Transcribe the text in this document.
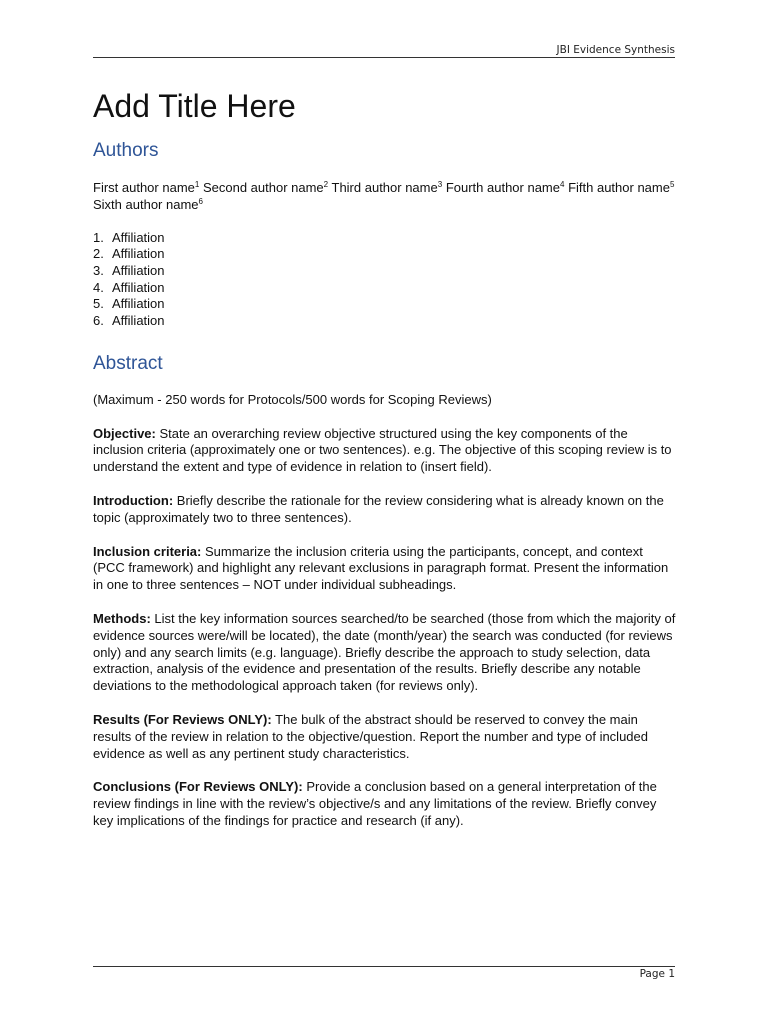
JBI Evidence Synthesis
Add Title Here
Authors

First author name$^1$ Second author name$^2$ Third author name$^3$ Fourth author name$^4$ Fifth author name$^5$ Sixth author name$^6$

1. Affiliation
2. Affiliation
3. Affiliation
4. Affiliation
5. Affiliation
6. Affiliation
Abstract

(Maximum - 250 words for Protocols/500 words for Scoping Reviews)

Objective: State an overarching review objective structured using the key components of the inclusion criteria (approximately one or two sentences). e.g. The objective of this scoping review is to understand the extent and type of evidence in relation to (insert field).

Introduction: Briefly describe the rationale for the review considering what is already known on the topic (approximately two to three sentences).

Inclusion criteria: Summarize the inclusion criteria using the participants, concept, and context (PCC framework) and highlight any relevant exclusions in paragraph format. Present the information in one to three sentences – NOT under individual subheadings.

Methods: List the key information sources searched/to be searched (those from which the majority of evidence sources were/will be located), the date (month/year) the search was conducted (for reviews only) and any search limits (e.g. language). Briefly describe the approach to study selection, data extraction, analysis of the evidence and presentation of the results. Briefly describe any notable deviations to the methodological approach taken (for reviews only).

Results (For Reviews ONLY): The bulk of the abstract should be reserved to convey the main results of the review in relation to the objective/question. Report the number and type of included evidence as well as any pertinent study characteristics.

Conclusions (For Reviews ONLY): Provide a conclusion based on a general interpretation of the review findings in line with the review’s objective/s and any limitations of the review. Briefly convey key implications of the findings for practice and research (if any).

Page 1
